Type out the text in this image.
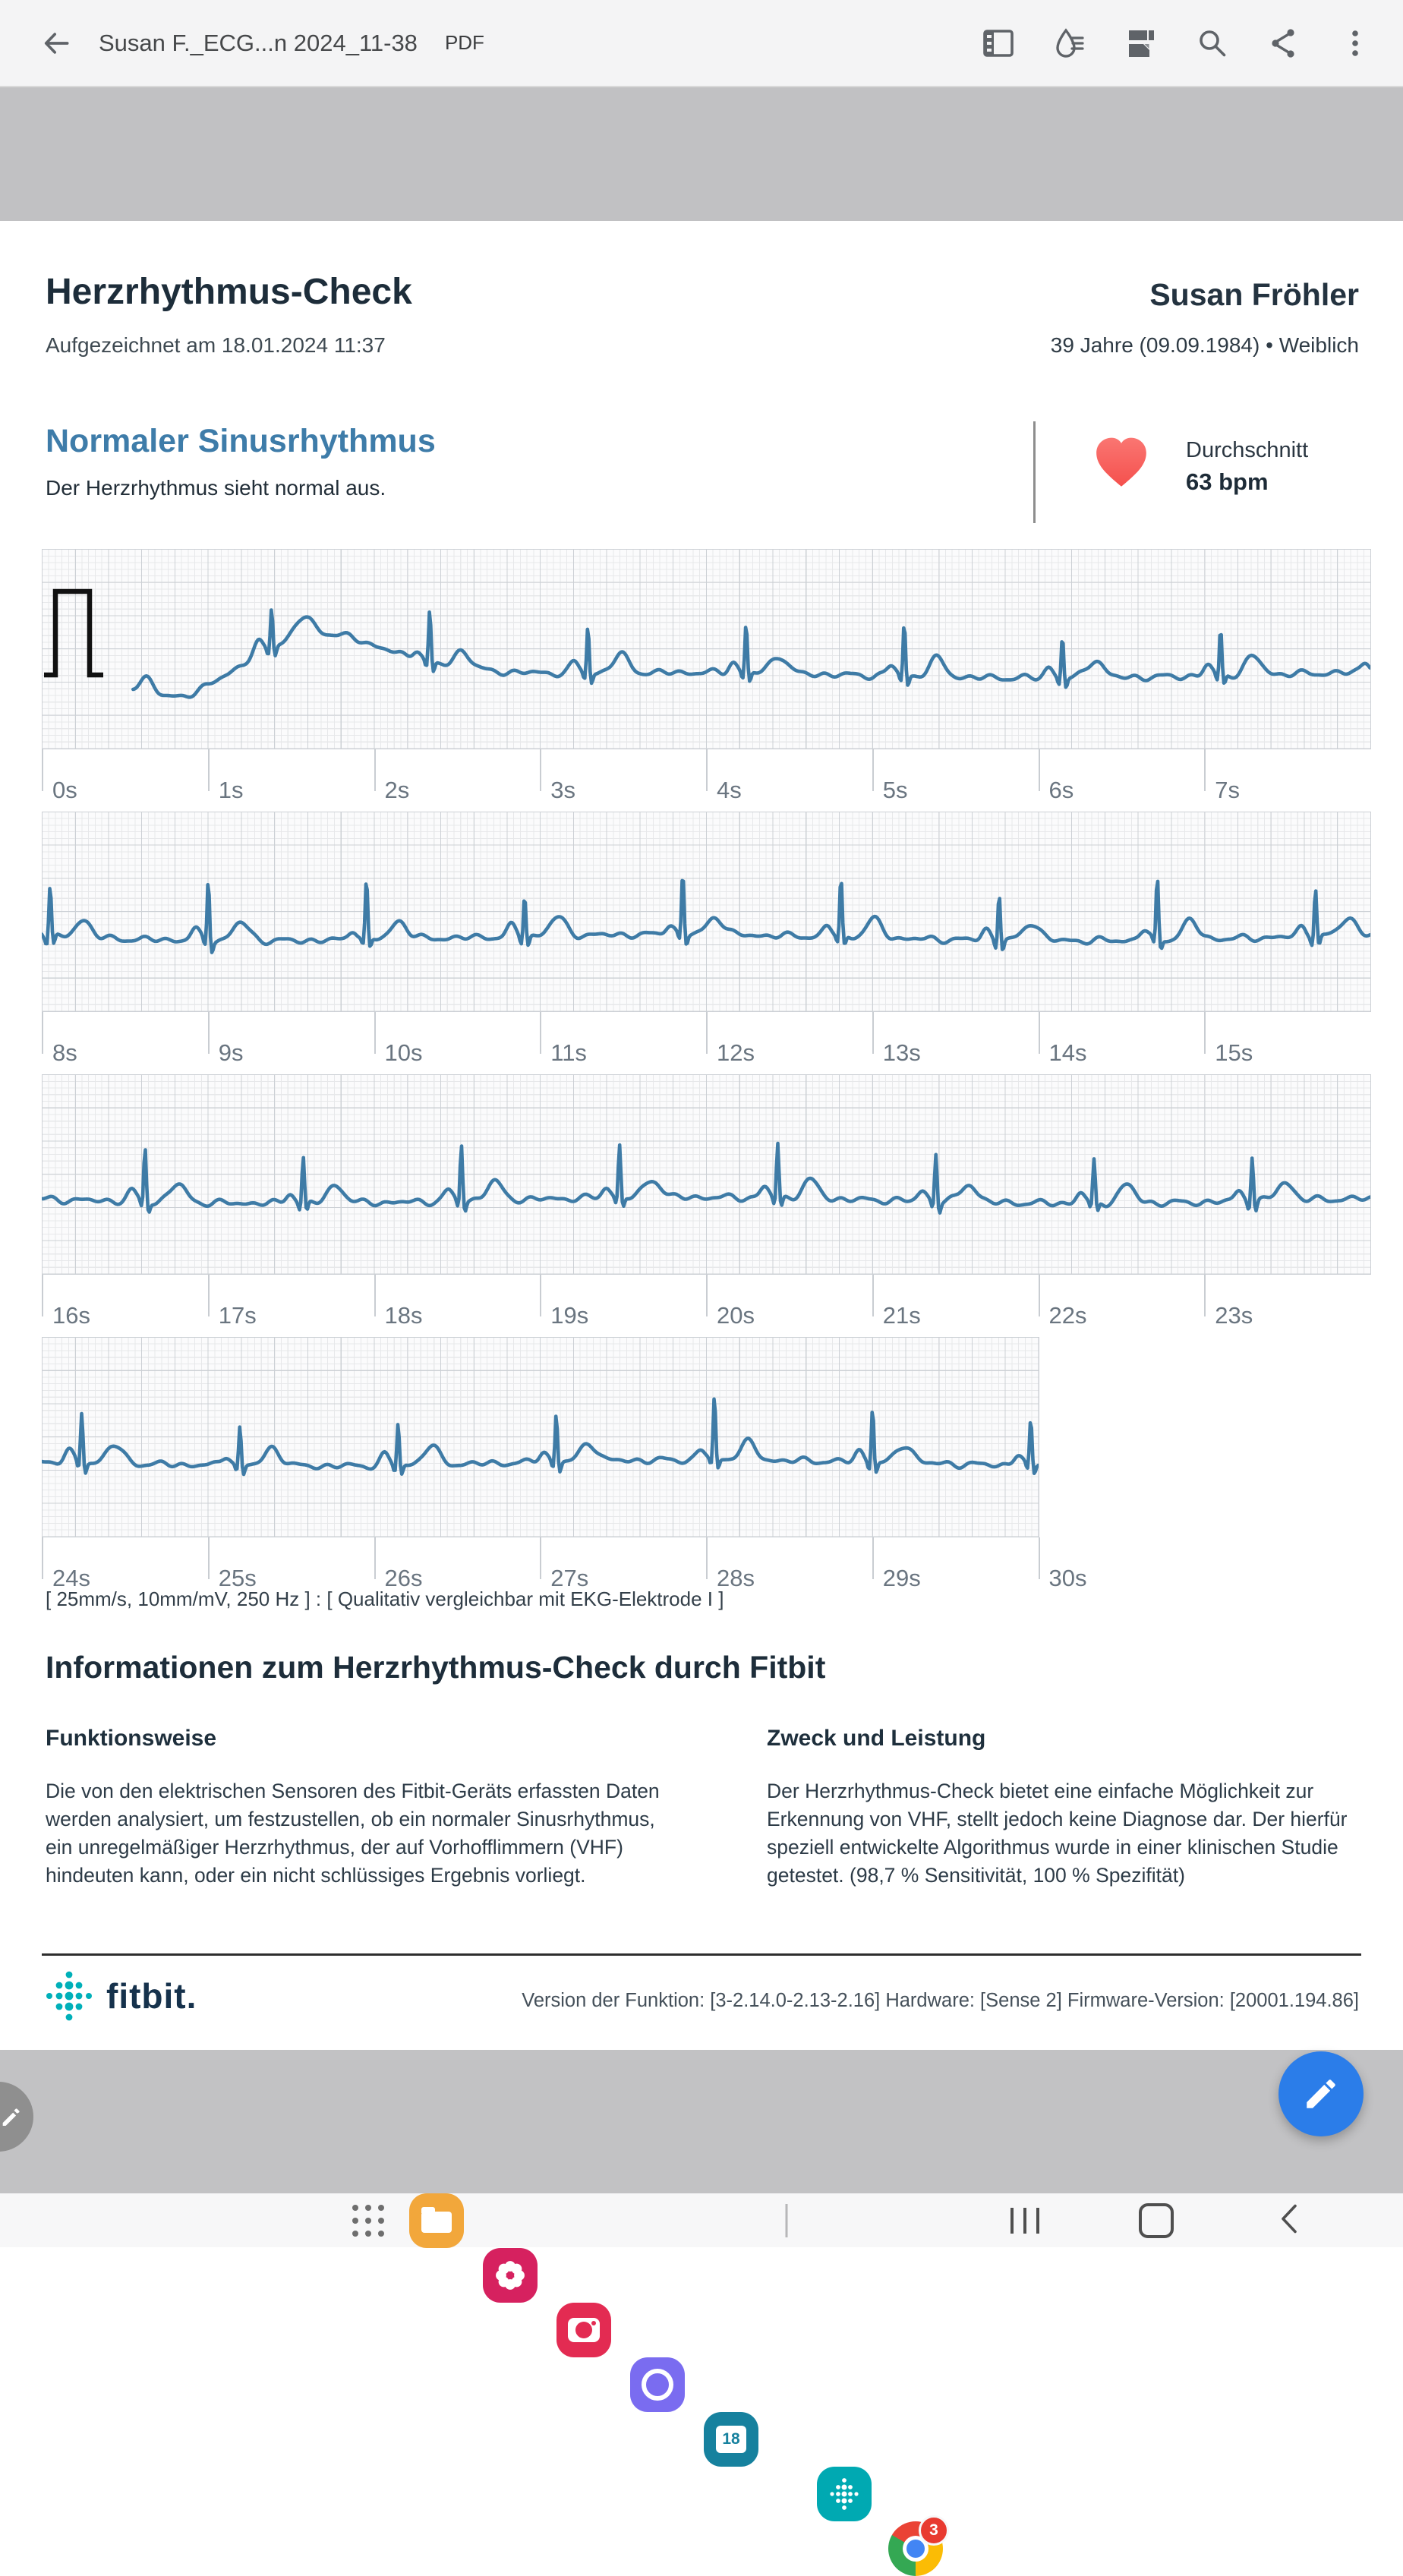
Susan F._ECG...n 2024_11-38 PDF
Herzrhythmus-Check
Aufgezeichnet am 18.01.2024 11:37
Susan Fröhler
39 Jahre (09.09.1984) • Weiblich
Normaler Sinusrhythmus
Der Herzrhythmus sieht normal aus.
Durchschnitt
63 bpm
0s	1s	2s	3s	4s	5s	6s	7s
8s	9s	10s	11s	12s	13s	14s	15s
16s	17s	18s	19s	20s	21s	22s	23s
24s	25s	26s	27s	28s	29s	30s
[ 25mm/s, 10mm/mV, 250 Hz ] : [ Qualitativ vergleichbar mit EKG-Elektrode I ]
Informationen zum Herzrhythmus-Check durch Fitbit
Funktionsweise
Die von den elektrischen Sensoren des Fitbit-Geräts erfassten Daten werden analysiert, um festzustellen, ob ein normaler Sinusrhythmus, ein unregelmäßiger Herzrhythmus, der auf Vorhofflimmern (VHF) hindeuten kann, oder ein nicht schlüssiges Ergebnis vorliegt.
Zweck und Leistung
Der Herzrhythmus-Check bietet eine einfache Möglichkeit zur Erkennung von VHF, stellt jedoch keine Diagnose dar. Der hierfür speziell entwickelte Algorithmus wurde in einer klinischen Studie getestet. (98,7 % Sensitivität, 100 % Spezifität)
fitbit.	Version der Funktion: [3-2.14.0-2.13-2.16] Hardware: [Sense 2] Firmware-Version: [20001.194.86]
18
3
